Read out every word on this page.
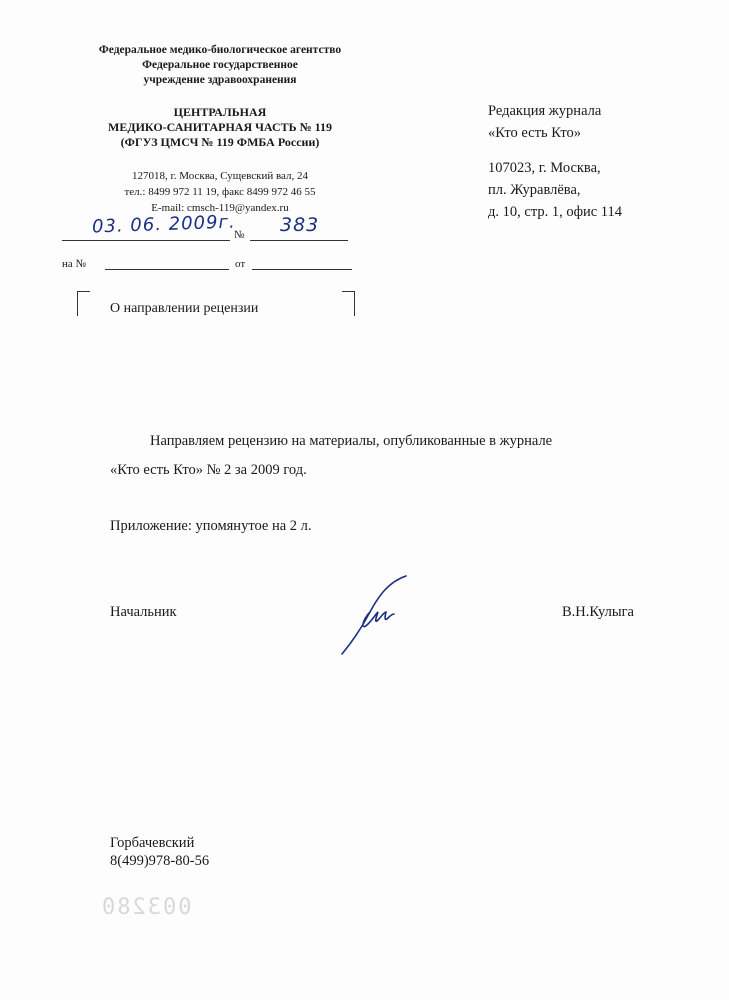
Федеральное медико-биологическое агентство
Федеральное государственное
учреждение здравоохранения
ЦЕНТРАЛЬНАЯ
МЕДИКО-САНИТАРНАЯ ЧАСТЬ № 119
(ФГУЗ ЦМСЧ № 119 ФМБА России)
127018, г. Москва, Сущевский вал, 24
тел.: 8499 972 11 19, факс 8499 972 46 55
E-mail: cmsch-119@yandex.ru
03. 06. 2009г.
№ 383
на №	от
О направлении рецензии
Редакция журнала
«Кто есть Кто»
107023, г. Москва,
пл. Журавлёва,
д. 10, стр. 1, офис 114
Направляем рецензию на материалы, опубликованные в журнале
«Кто есть Кто» № 2 за 2009 год.
Приложение: упомянутое на 2 л.
Начальник	В.Н.Кулыга
Горбачевский
8(499)978-80-56
003280
